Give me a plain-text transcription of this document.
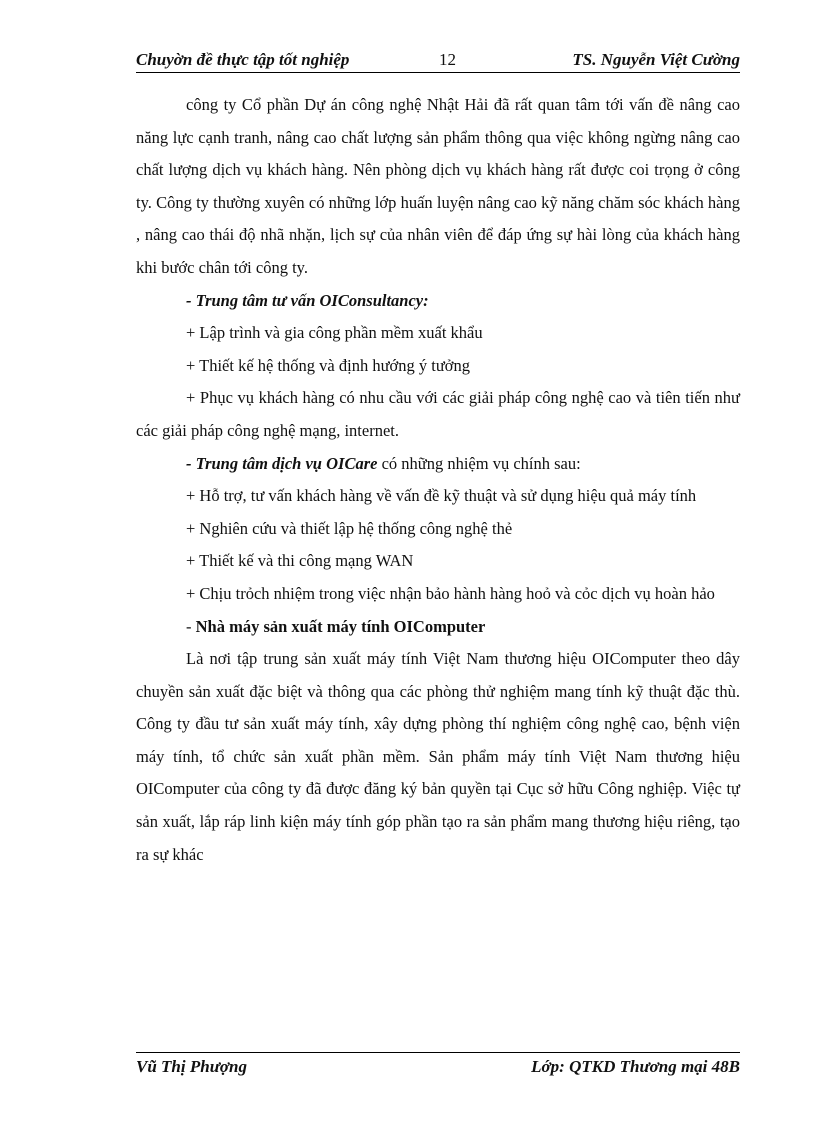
Chuyờn đề thực tập tốt nghiệp	12	TS. Nguyễn Việt Cường

công ty Cổ phần Dự án công nghệ Nhật Hải đã rất quan tâm tới vấn đề nâng cao năng lực cạnh tranh, nâng cao chất lượng sản phẩm thông qua việc không ngừng nâng cao chất lượng dịch vụ khách hàng. Nên phòng dịch vụ khách hàng rất được coi trọng ở công ty. Công ty thường xuyên có những lớp huấn luyện nâng cao kỹ năng chăm sóc khách hàng , nâng cao thái độ nhã nhặn, lịch sự của nhân viên để đáp ứng sự hài lòng của khách hàng khi bước chân tới công ty.

- Trung tâm tư vấn OIConsultancy:

+ Lập trình và gia công phần mềm xuất khẩu

+ Thiết kế hệ thống và định hướng ý tưởng

+ Phục vụ khách hàng có nhu cầu với các giải pháp công nghệ cao và tiên tiến như các giải pháp công nghệ mạng, internet.

- Trung tâm dịch vụ OICare có những nhiệm vụ chính sau:

+ Hỗ trợ, tư vấn khách hàng về vấn đề kỹ thuật và sử dụng hiệu quả máy tính

+ Nghiên cứu và thiết lập hệ thống công nghệ thẻ

+ Thiết kế và thi công mạng WAN

+ Chịu trỏch nhiệm trong việc nhận bảo hành hàng hoỏ và cỏc dịch vụ hoàn hảo

- Nhà máy sản xuất máy tính OIComputer

Là nơi tập trung sản xuất máy tính Việt Nam thương hiệu OIComputer theo dây chuyền sản xuất đặc biệt và thông qua các phòng thử nghiệm mang tính kỹ thuật đặc thù. Công ty đầu tư sản xuất máy tính, xây dựng phòng thí nghiệm công nghệ cao, bệnh viện máy tính, tổ chức sản xuất phần mềm. Sản phẩm máy tính Việt Nam thương hiệu OIComputer của công ty đã được đăng ký bản quyền tại Cục sở hữu Công nghiệp. Việc tự sản xuất, lắp ráp linh kiện máy tính góp phần tạo ra sản phẩm mang thương hiệu riêng, tạo ra sự khác

Vũ Thị Phượng	Lớp: QTKD Thương mại 48B
